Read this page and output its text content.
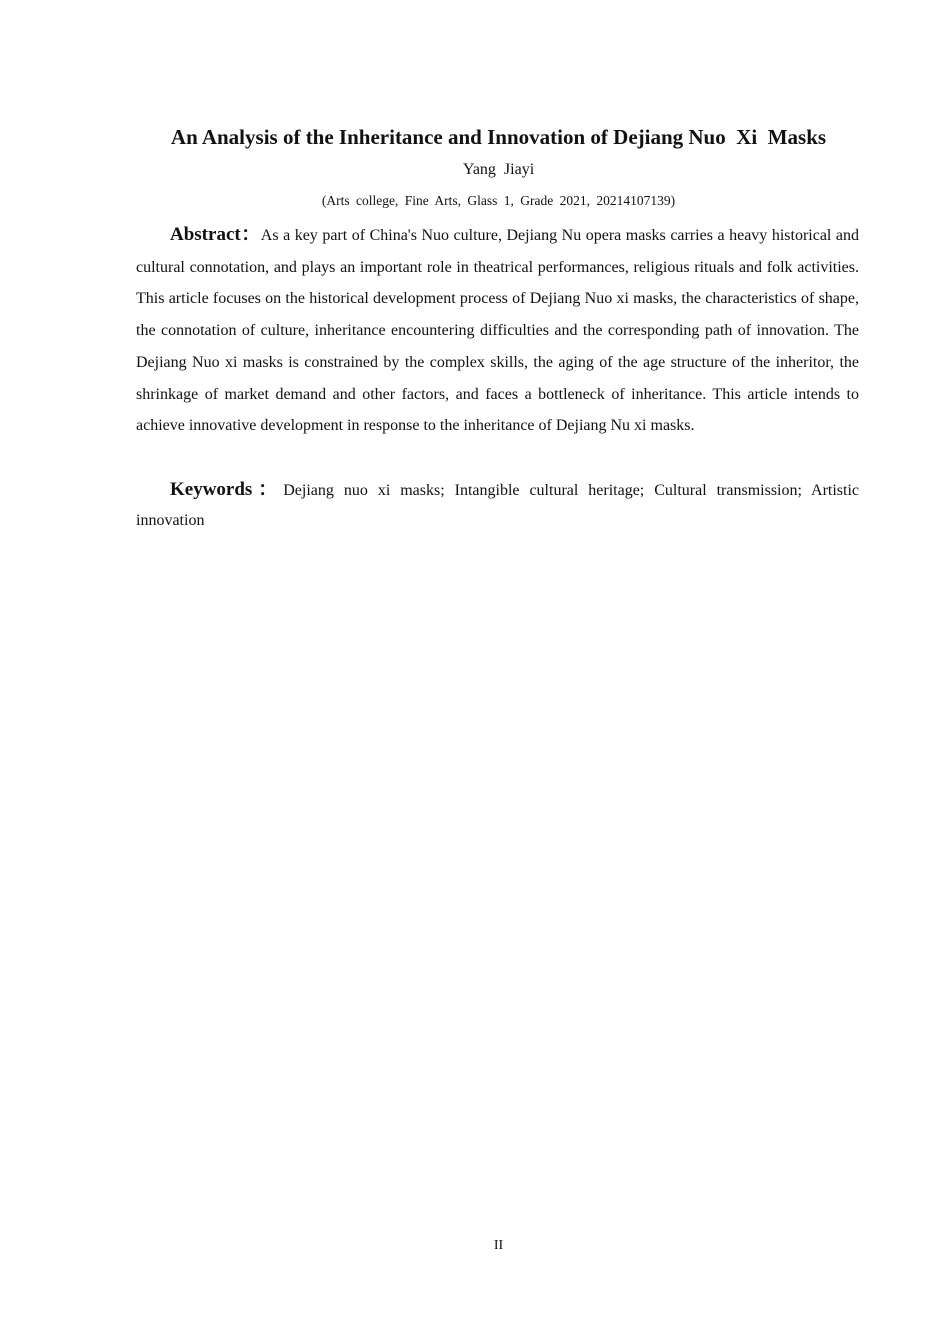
An Analysis of the Inheritance and Innovation of Dejiang Nuo  Xi  Masks
Yang  Jiayi
(Arts college, Fine Arts, Glass 1, Grade 2021, 20214107139)

Abstract：As a key part of China's Nuo culture, Dejiang Nu opera masks carries a heavy historical and cultural connotation, and plays an important role in theatrical performances, religious rituals and folk activities. This article focuses on the historical development process of Dejiang Nuo xi masks, the characteristics of shape, the connotation of culture, inheritance encountering difficulties and the corresponding path of innovation. The Dejiang Nuo xi masks is constrained by the complex skills, the aging of the age structure of the inheritor, the shrinkage of market demand and other factors, and faces a bottleneck of inheritance. This article intends to achieve innovative development in response to the inheritance of Dejiang Nu xi masks.

Keywords：Dejiang nuo xi masks; Intangible cultural heritage; Cultural transmission; Artistic innovation

II
